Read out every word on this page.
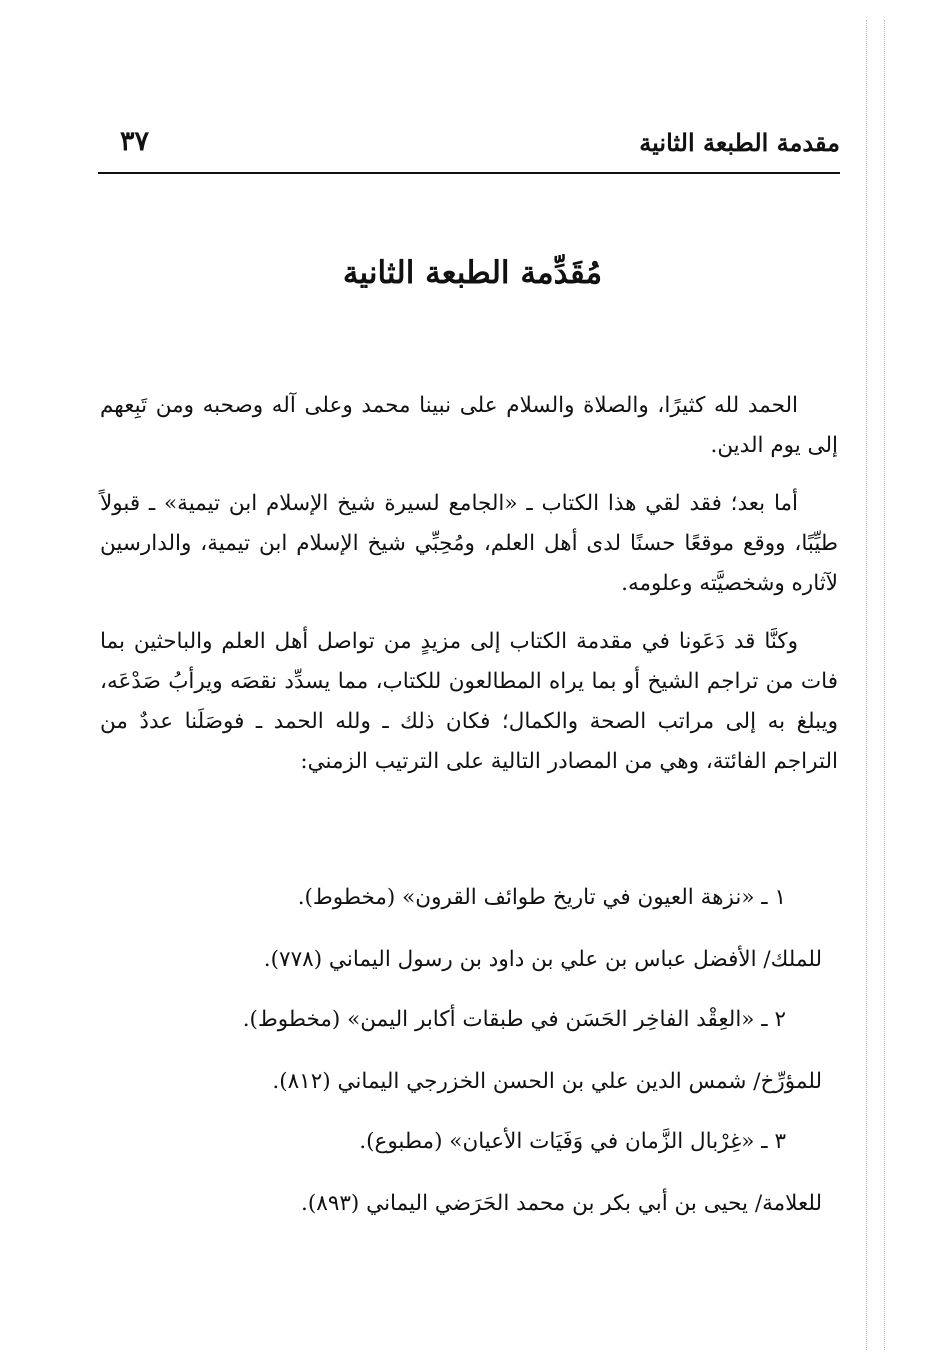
مقدمة الطبعة الثانية
٣٧
مُقَدِّمة الطبعة الثانية

الحمد لله كثيرًا، والصلاة والسلام على نبينا محمد وعلى آله وصحبه ومن تَبِعهم إلى يوم الدين.

أما بعد؛ فقد لقي هذا الكتاب ـ «الجامع لسيرة شيخ الإسلام ابن تيمية» ـ قبولاً طيِّبًا، ووقع موقعًا حسنًا لدى أهل العلم، ومُحِبِّي شيخ الإسلام ابن تيمية، والدارسين لآثاره وشخصيَّته وعلومه.

وكنَّا قد دَعَونا في مقدمة الكتاب إلى مزيدٍ من تواصل أهل العلم والباحثين بما فات من تراجم الشيخ أو بما يراه المطالعون للكتاب، مما يسدِّد نقصَه ويرأبُ صَدْعَه، ويبلغ به إلى مراتب الصحة والكمال؛ فكان ذلك ـ ولله الحمد ـ فوصَلَنا عددٌ من التراجم الفائتة، وهي من المصادر التالية على الترتيب الزمني:

١ ـ «نزهة العيون في تاريخ طوائف القرون» (مخطوط).
للملك/ الأفضل عباس بن علي بن داود بن رسول اليماني (٧٧٨).
٢ ـ «العِقْد الفاخِر الحَسَن في طبقات أكابر اليمن» (مخطوط).
للمؤرِّخ/ شمس الدين علي بن الحسن الخزرجي اليماني (٨١٢).
٣ ـ «غِرْبال الزَّمان في وَفَيَات الأعيان» (مطبوع).
للعلامة/ يحيى بن أبي بكر بن محمد الحَرَضي اليماني (٨٩٣).
